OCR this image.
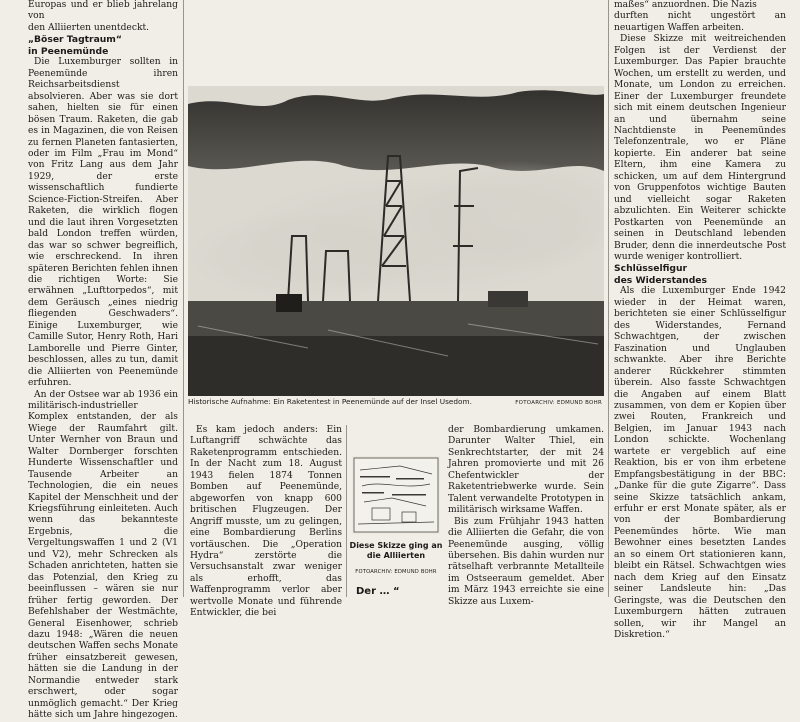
Europas und er blieb jahrelang von

den Alliierten unentdeckt.

„Böser Tagtraum“
in Peenemünde

Die Luxemburger sollten in Peenemünde ihren Reichsarbeitsdienst absolvieren. Aber was sie dort sahen, hielten sie für einen bösen Traum. Raketen, die gab es in Magazinen, die von Reisen zu fernen Planeten fantasierten, oder im Film „Frau im Mond“ von Fritz Lang aus dem Jahr 1929, der erste wissenschaftlich fundierte Science-Fiction-Streifen. Aber Raketen, die wirklich flogen und die laut ihren Vorgesetzten bald London treffen würden, das war so schwer begreiflich, wie erschreckend. In ihren späteren Berichten fehlen ihnen die richtigen Worte: Sie erwähnen „Lufttorpedos“, mit dem Geräusch „eines niedrig fliegenden Geschwaders“. Einige Luxemburger, wie Camille Sutor, Henry Roth, Hari Lamborelle und Pierre Ginter, beschlossen, alles zu tun, damit die Alliierten von Peenemünde erfuhren.

An der Ostsee war ab 1936 ein militärisch-industrieller Komplex entstanden, der als Wiege der Raumfahrt gilt. Unter Wernher von Braun und Walter Dornberger forschten Hunderte Wissenschaftler und Tausende Arbeiter an Technologien, die ein neues Kapitel der Menschheit und der Kriegsführung einleiteten. Auch wenn das bekannteste Ergebnis, die Vergeltungswaffen 1 und 2 (V1 und V2), mehr Schrecken als Schaden anrichteten, hatten sie das Potenzial, den Krieg zu beeinflussen – wären sie nur früher fertig geworden. Der Befehlshaber der Westmächte, General Eisenhower, schrieb dazu 1948: „Wären die neuen deutschen Waffen sechs Monate früher einsatzbereit gewesen, hätten sie die Landung in der Normandie entweder stark erschwert, oder sogar unmöglich gemacht.“ Der Krieg hätte sich um Jahre hingezogen.

Historische Aufnahme: Ein Raketentest in Peenemünde auf der Insel Usedom.	FOTOARCHIV: EDMUND BOHR

Es kam jedoch anders: Ein Luftangriff schwächte das Raketenprogramm entschieden. In der Nacht zum 18. August 1943 fielen 1874 Tonnen Bomben auf Peenemünde, abgeworfen von knapp 600 britischen Flugzeugen. Der Angriff musste, um zu gelingen, eine Bombardierung Berlins vortäuschen. Die „Operation Hydra“ zerstörte die Versuchsanstalt zwar weniger als erhofft, das Waffenprogramm verlor aber wertvolle Monate und führende Entwickler, die bei

der Bombardierung umkamen. Darunter Walter Thiel, ein Senkrechtstarter, der mit 24 Jahren promovierte und mit 26 Chefentwickler der Raketentriebwerke wurde. Sein Talent verwandelte Prototypen in militärisch wirksame Waffen.

Bis zum Frühjahr 1943 hatten die Alliierten die Gefahr, die von Peenemünde ausging, völlig übersehen. Bis dahin wurden nur rätselhaft verbrannte Metallteile im Ostseeraum gemeldet. Aber im März 1943 erreichte sie eine Skizze aus Luxem-

Diese Skizze ging an
die Alliierten
FOTOARCHIV: EDMUND BOHR
Der … “

maßes“ anzuordnen. Die Nazis

durften nicht ungestört an neuartigen Waffen arbeiten.

Diese Skizze mit weitreichenden Folgen ist der Verdienst der Luxemburger. Das Papier brauchte Wochen, um erstellt zu werden, und Monate, um London zu erreichen. Einer der Luxemburger freundete sich mit einem deutschen Ingenieur an und übernahm seine Nachtdienste in Peenemündes Telefonzentrale, wo er Pläne kopierte. Ein anderer bat seine Eltern, ihm eine Kamera zu schicken, um auf dem Hintergrund von Gruppenfotos wichtige Bauten und vielleicht sogar Raketen abzulichten. Ein Weiterer schickte Postkarten von Peenemünde an seinen in Deutschland lebenden Bruder, denn die innerdeutsche Post wurde weniger kontrolliert.

Schlüsselfigur
des Widerstandes

Als die Luxemburger Ende 1942 wieder in der Heimat waren, berichteten sie einer Schlüsselfigur des Widerstandes, Fernand Schwachtgen, der zwischen Faszination und Unglauben schwankte. Aber ihre Berichte anderer Rückkehrer stimmten überein. Also fasste Schwachtgen die Angaben auf einem Blatt zusammen, von dem er Kopien über zwei Routen, Frankreich und Belgien, im Januar 1943 nach London schickte. Wochenlang wartete er vergeblich auf eine Reaktion, bis er von ihm erbetene Empfangsbestätigung in der BBC: „Danke für die gute Zigarre“. Dass seine Skizze tatsächlich ankam, erfuhr er erst Monate später, als er von der Bombardierung Peenemündes hörte. Wie man Bewohner eines besetzten Landes an so einem Ort stationieren kann, bleibt ein Rätsel. Schwachtgen wies nach dem Krieg auf den Einsatz seiner Landsleute hin: „Das Geringste, was die Deutschen den Luxemburgern hätten zutrauen sollen, wir ihr Mangel an Diskretion.“
